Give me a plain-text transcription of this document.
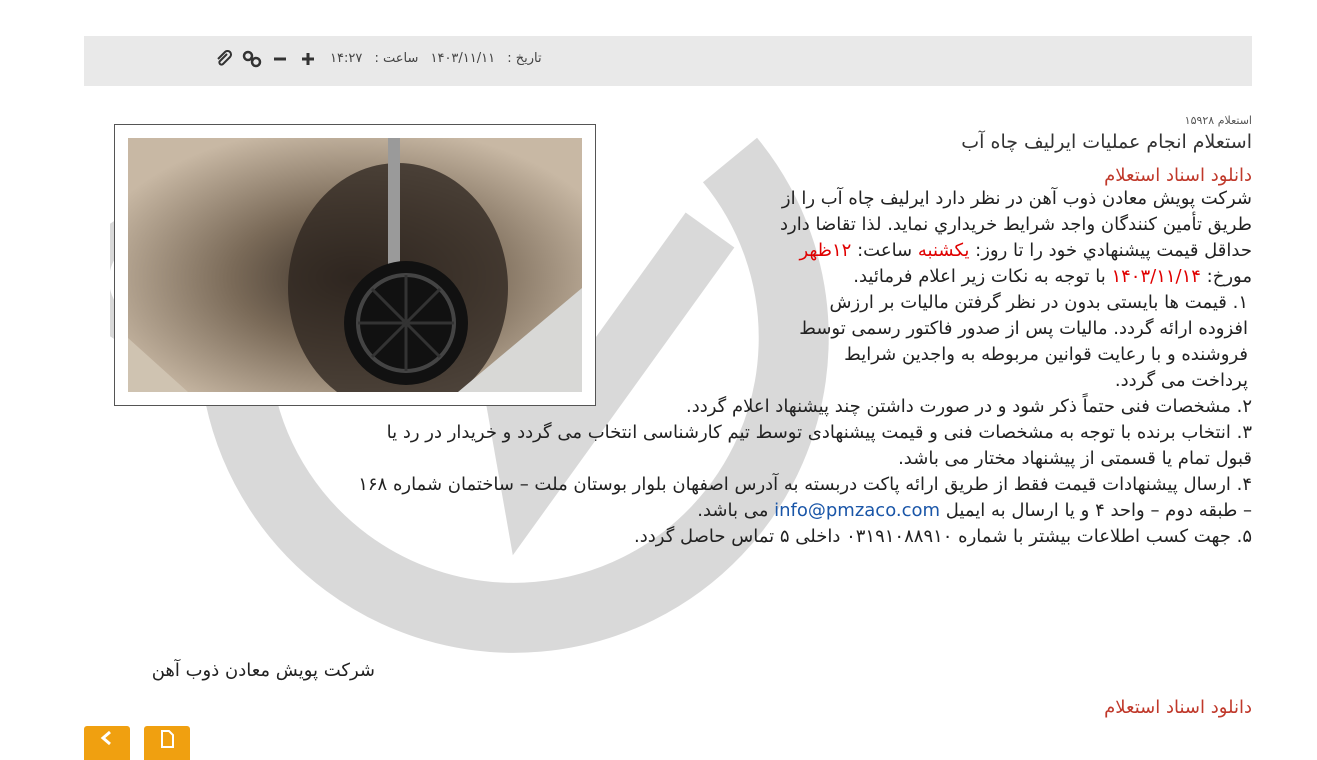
تاریخ : ۱۴۰۳/۱۱/۱۱ ساعت : ۱۴:۲۷
استعلام ۱۵۹۲۸
استعلام انجام عملیات ایرلیف چاه آب
دانلود اسناد استعلام
شرکت پویش معادن ذوب آهن در نظر دارد ایرلیف چاه آب را از
طریق تأمین کنندگان واجد شرایط خریداري نماید. لذا تقاضا دارد
حداقل قیمت پیشنهادي خود را تا روز: یکشنبه ساعت: ۱۲ظهر
مورخ: ۱۴۰۳/۱۱/۱۴ با توجه به نکات زیر اعلام فرمائید.
۱. قیمت ها بایستی بدون در نظر گرفتن مالیات بر ارزش
افزوده ارائه گردد. مالیات پس از صدور فاکتور رسمی توسط
فروشنده و با رعایت قوانین مربوطه به واجدین شرایط
پرداخت می گردد.
۲. مشخصات فنی حتماً ذکر شود و در صورت داشتن چند پیشنهاد اعلام گردد.
۳. انتخاب برنده با توجه به مشخصات فنی و قیمت پیشنهادی توسط تیم کارشناسی انتخاب می گردد و خریدار در رد یا
قبول تمام یا قسمتی از پیشنهاد مختار می باشد.
۴. ارسال پیشنهادات قیمت فقط از طریق ارائه پاکت دربسته به آدرس اصفهان بلوار بوستان ملت – ساختمان شماره ۱۶۸
– طبقه دوم – واحد ۴ و یا ارسال به ایمیل info@pmzaco.com می باشد.
۵. جهت کسب اطلاعات بیشتر با شماره ۰۳۱۹۱۰۸۸۹۱۰ داخلی ۵ تماس حاصل گردد.
شرکت پویش معادن ذوب آهن
دانلود اسناد استعلام
